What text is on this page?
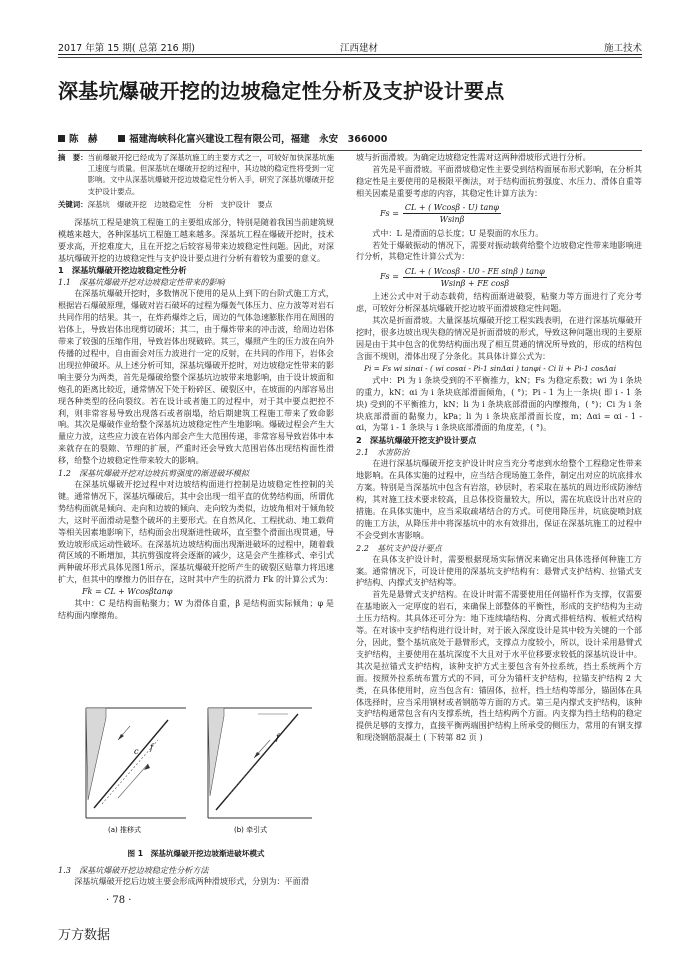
2017 年第 15 期( 总第 216 期)	江西建材	施工技术
深基坑爆破开挖的边坡稳定性分析及支护设计要点
陈　赫	福建海峡科化富兴建设工程有限公司，福建　永安　366000
摘　要： 当前爆破开挖已经成为了深基坑施工的主要方式之一，可较好加快深基坑施工速度与质量。但深基坑在爆破开挖的过程中，其边坡的稳定性将受到一定影响。文中从深基坑爆破开挖边坡稳定性分析入手，研究了深基坑爆破开挖支护设计要点。
关键词：深基坑　爆破开挖　边坡稳定性　分析　支护设计　要点

深基坑工程是建筑工程施工的主要组成部分，特别是随着我国当前建筑规模越来越大，各种深基坑工程施工越来越多。深基坑工程在爆破开挖时，技术要求高，开挖难度大，且在开挖之后较容易带来边坡稳定性问题。因此，对深基坑爆破开挖的边坡稳定性与支护设计要点进行分析有着较为重要的意义。

1　深基坑爆破开挖边坡稳定性分析
1.1　深基坑爆破开挖对边坡稳定性带来的影响

在深基坑爆破开挖时，多数情况下使用的是从上到下的台阶式施工方式，根据岩石爆破原理，爆破对岩石破坏的过程为爆轰气体压力、应力波等对岩石共同作用的结果。其一，在炸药爆炸之后，周边的气体急速膨胀作用在周围的岩体上，导致岩体出现剪切破坏；其二，由于爆炸带来的冲击波，给周边岩体带来了较强的压缩作用，导致岩体出现破碎。其三，爆照产生的压力波在向外传播的过程中，自由面会对压力波进行一定的反射，在共同的作用下，岩体会出现拉伸破坏。从上述分析可知，深基坑爆破开挖时，对边坡稳定性带来的影响主要分为两类，首先是爆破给整个深基坑边坡带来地影响，由于设计坡面和炮孔的距离比较近，通常情况下处于粉碎区、破裂区中，在坡面的内部容易出现各种类型的径向裂纹。若在设计或者施工的过程中，对于其中要点把控不利，则非常容易导致出现落石或者崩塌，给后期建筑工程施工带来了致命影响。其次是爆破作业给整个深基坑边坡稳定性产生地影响。爆破过程会产生大量应力波，这些应力波在岩体内部会产生大范围传递，非常容易导致岩体中本来就存在的裂隙、节理的扩展，严重时还会导致大范围岩体出现结构面性滑移，给整个边坡稳定性带来较大的影响。

1.2　深基坑爆破开挖对边坡抗剪强度的渐进破坏模拟

在深基坑爆破开挖过程中对边坡结构面进行控制是边坡稳定性控制的关键。通常情况下，深基坑爆破后，其中会出现一组平直的优势结构面，所谓优势结构面就是倾向、走向和边坡的倾向、走向较为类似，边坡角相对于倾角较大，这时平面滑动是整个破坏的主要形式。在自然风化、工程扰动、地工载荷等相关因素地影响下，结构面会出现渐进性破坏，直至整个滑面出现贯通，导致边坡形成运动性破坏。在深基坑边坡结构面出现渐进破坏的过程中，随着载荷区域的不断增加，其抗剪强度将会逐渐的减少，这是会产生推移式、牵引式两种破坏形式具体见图1所示，深基坑爆破开挖所产生的破裂区贴靠力将迅速扩大，但其中的摩擦力仍旧存在，这时其中产生的抗滑力 Fk 的计算公式为：

Fk = CL + Wcosβtanφ

其中：C 是结构面粘聚力；W 为滑体自重，β 是结构面实际倾角；φ 是结构面内摩擦角。

c f
(a) 推移式
f
(b) 牵引式
图 1　深基坑爆破开挖边坡渐进破坏模式
1.3　深基坑爆破开挖边坡稳定性分析方法

深基坑爆破开挖后边坡主要会形成两种滑坡形式，分别为：平面滑

坡与折面滑坡。为确定边坡稳定性需对这两种滑坡形式进行分析。

首先是平面滑坡。平面滑坡稳定性主要受到结构面展布形式影响，在分析其稳定性是主要使用的是极限平衡法，对于结构面抗剪强度、水压力、滑体自重等相关因素是重要考虑的内容，其稳定性计算方法为：

$Fs = \frac{CL + ( Wcos\beta - U) \tan\varphi}{Wsin\beta}$

式中：L 是滑面的总长度；U 是裂面的水压力。

若处于爆破振动的情况下，需要对振动载荷给整个边坡稳定性带来地影响进行分析，其稳定性计算公式为：

$Fs = \frac{\text{CL + ( Wcosβ - U0 - FE sinβ ) tanφ}}{\text{Wsinβ + FE cosβ}}$

上述公式中对于动态载荷，结构面渐进破裂，粘聚力等方面进行了充分考虑，可较好分析深基坑爆破开挖边坡平面滑坡稳定性问题。

其次是折面滑坡。大量深基坑爆破开挖工程实践表明，在进行深基坑爆破开挖时，很多边坡出现失稳的情况是折面滑坡的形式，导致这种问题出现的主要原因是由于其中包含的优势结构面出现了相互贯通的情况所导致的，形成的结构包含面不规则，滑体出现了分条化。其具体计算公式为：

Pi = Fs wi sinαi - ( wi cosαi - Pi-1 sinΔαi ) tanφi - Ci li + Pi-1 cosΔαi

式中：Pi 为 i 条块受到的不平衡推力，kN；Fs 为稳定系数；wi 为 i 条块的重力，kN；αi 为 i 条块底部滑面倾角，( °)；Pi - 1 为上一条块( 即 i - 1 条块) 受到的不平衡推力，kN；li 为 i 条块底部滑面的内摩擦角，( °)；Ci 为 i 条块底部滑面的黏聚力，kPa；li 为 i 条块底部滑面长度，m；Δαi = αi - 1 - αi，为第 i - 1 条块与 i 条块底部滑面的角度差，( °)。

2　深基坑爆破开挖支护设计要点
2.1　水害防治

在进行深基坑爆破开挖支护设计时应当充分考虑到水给整个工程稳定性带来地影响。在具体实施的过程中，应当结合现场施工条件，制定出对应的坑底排水方案。特别是当深基坑中包含有岩溶，砂层时，若采取在基坑的周边形成防渗结构，其对施工技术要求较高，且总体投资量较大，所以，需在坑底设计出对应的措施。在具体实施中，应当采取疏堵结合的方式。可使用降压井，坑底旋喷封底的施工方法，从降压井中将深基坑中的水有效排出，保证在深基坑施工的过程中不会受到水害影响。

2.2　基坑支护设计要点

在具体支护设计时，需要根据现场实际情况来确定出具体选择何种施工方案。通常情况下，可设计使用的深基坑支护结构有：悬臂式支护结构、拉锚式支护结构、内撑式支护结构等。

首先是悬臂式支护结构。在设计时需不需要使用任何锚杆作为支撑，仅需要在基地嵌入一定厚度的岩石，来确保上部整体的平衡性，形成的支护结构为主动土压力结构。其具体还可分为：地下连续墙结构、分离式排桩结构、板桩式结构等。在对该中支护结构进行设计时，对于嵌入深度设计是其中较为关键的一个部分，因此，整个基坑底处于悬臂形式，支撑点力度较小，所以，设计采用悬臂式支护结构，主要使用在基坑深度不大且对于水平位移要求较低的深基坑设计中。其次是拉锚式支护结构，该种支护方式主要包含有外拉系统，挡土系统两个方面。按照外拉系统布置方式的不同，可分为锚杆支护结构，拉锚支护结构 2 大类，在具体使用时，应当包含有：锚固体，拉杆，挡土结构等部分，锚固体在具体选择时，应当采用钢材或者钢筋等方面的方式。第三是内撑式支护结构，该种支护结构通常包含有内支撑系统，挡土结构两个方面。内支撑为挡土结构的稳定提供足够的支撑力，直接平衡两端围护结构上所承受的侧压力，常用的有钢支撑和现浇钢筋混凝土 ( 下转第 82 页 )

· 78 ·
万方数据
